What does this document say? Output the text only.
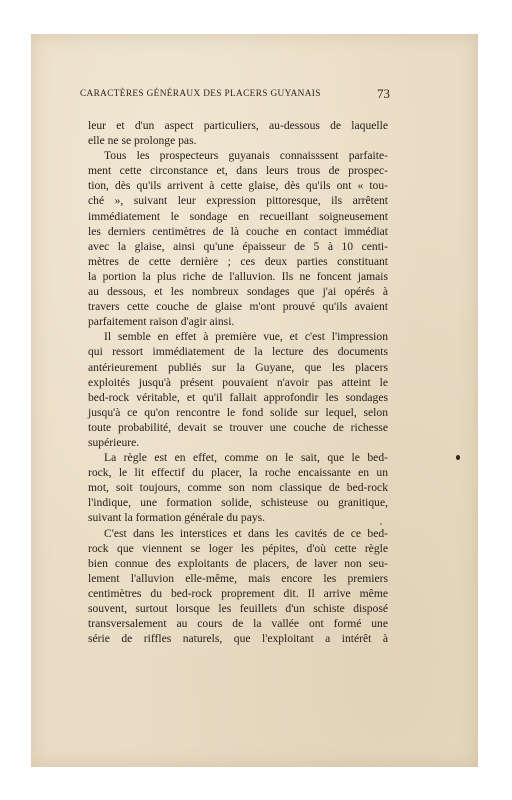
CARACTÈRES GÉNÉRAUX DES PLACERS GUYANAIS	73

leur et d'un aspect particuliers, au-dessous de laquelle
elle ne se prolonge pas.

Tous les prospecteurs guyanais connaisssent parfaite-
ment cette circonstance et, dans leurs trous de prospec-
tion, dès qu'ils arrivent à cette glaise, dès qu'ils ont « tou-
ché », suivant leur expression pittoresque, ils arrêtent
immédiatement le sondage en recueillant soigneusement
les derniers centimètres de là couche en contact immédiat
avec la glaise, ainsi qu'une épaisseur de 5 à 10 centi-
mètres de cette dernière ; ces deux parties constituant
la portion la plus riche de l'alluvion. Ils ne foncent jamais
au dessous, et les nombreux sondages que j'ai opérés à
travers cette couche de glaise m'ont prouvé qu'ils avaient
parfaitement raison d'agir ainsi.

Il semble en effet à première vue, et c'est l'impression
qui ressort immédiatement de la lecture des documents
antérieurement publiés sur la Guyane, que les placers
exploités jusqu'à présent pouvaient n'avoir pas atteint le
bed-rock véritable, et qu'il fallait approfondir les sondages
jusqu'à ce qu'on rencontre le fond solide sur lequel, selon
toute probabilité, devait se trouver une couche de richesse
supérieure.

La règle est en effet, comme on le sait, que le bed-
rock, le lit effectif du placer, la roche encaissante en un
mot, soit toujours, comme son nom classique de bed-rock
l'indique, une formation solide, schisteuse ou granitique,
suivant la formation générale du pays.

C'est dans les interstices et dans les cavités de ce bed-
rock que viennent se loger les pépites, d'où cette règle
bien connue des exploitants de placers, de laver non seu-
lement l'alluvion elle-même, mais encore les premiers
centimètres du bed-rock proprement dit. Il arrive même
souvent, surtout lorsque les feuillets d'un schiste disposé
transversalement au cours de la vallée ont formé une
série de riffles naturels, que l'exploitant a intérêt à
